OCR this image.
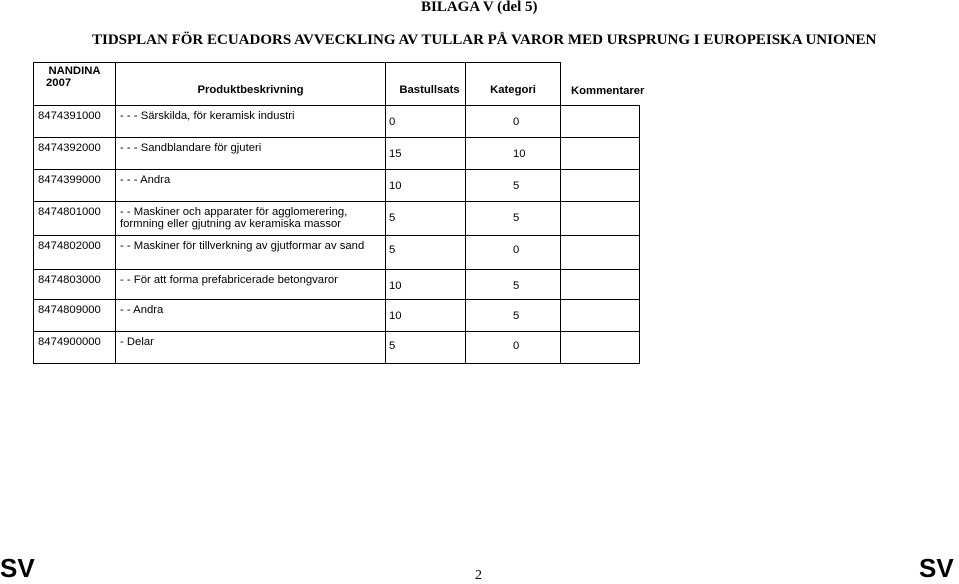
BILAGA V (del 5)
TIDSPLAN FÖR ECUADORS AVVECKLING AV TULLAR PÅ VAROR MED URSPRUNG I EUROPEISKA UNIONEN
NANDINA
2007	Produktbeskrivning	Bastullsats	Kategori	Kommentarer
8474391000	- - - Särskilda, för keramisk industri	0 0		

8474392000	- - - Sandblandare för gjuteri	15 10		

8474399000	- - - Andra	10 5		

8474801000	- - Maskiner och apparater för agglomerering, formning eller gjutning av keramiska massor	5 5		

8474802000	- - Maskiner för tillverkning av gjutformar av sand	5 0		

8474803000	- - För att forma prefabricerade betongvaror	10 5		

8474809000	- - Andra	10 5		

8474900000	- Delar	5 0		

SV	2	SV
